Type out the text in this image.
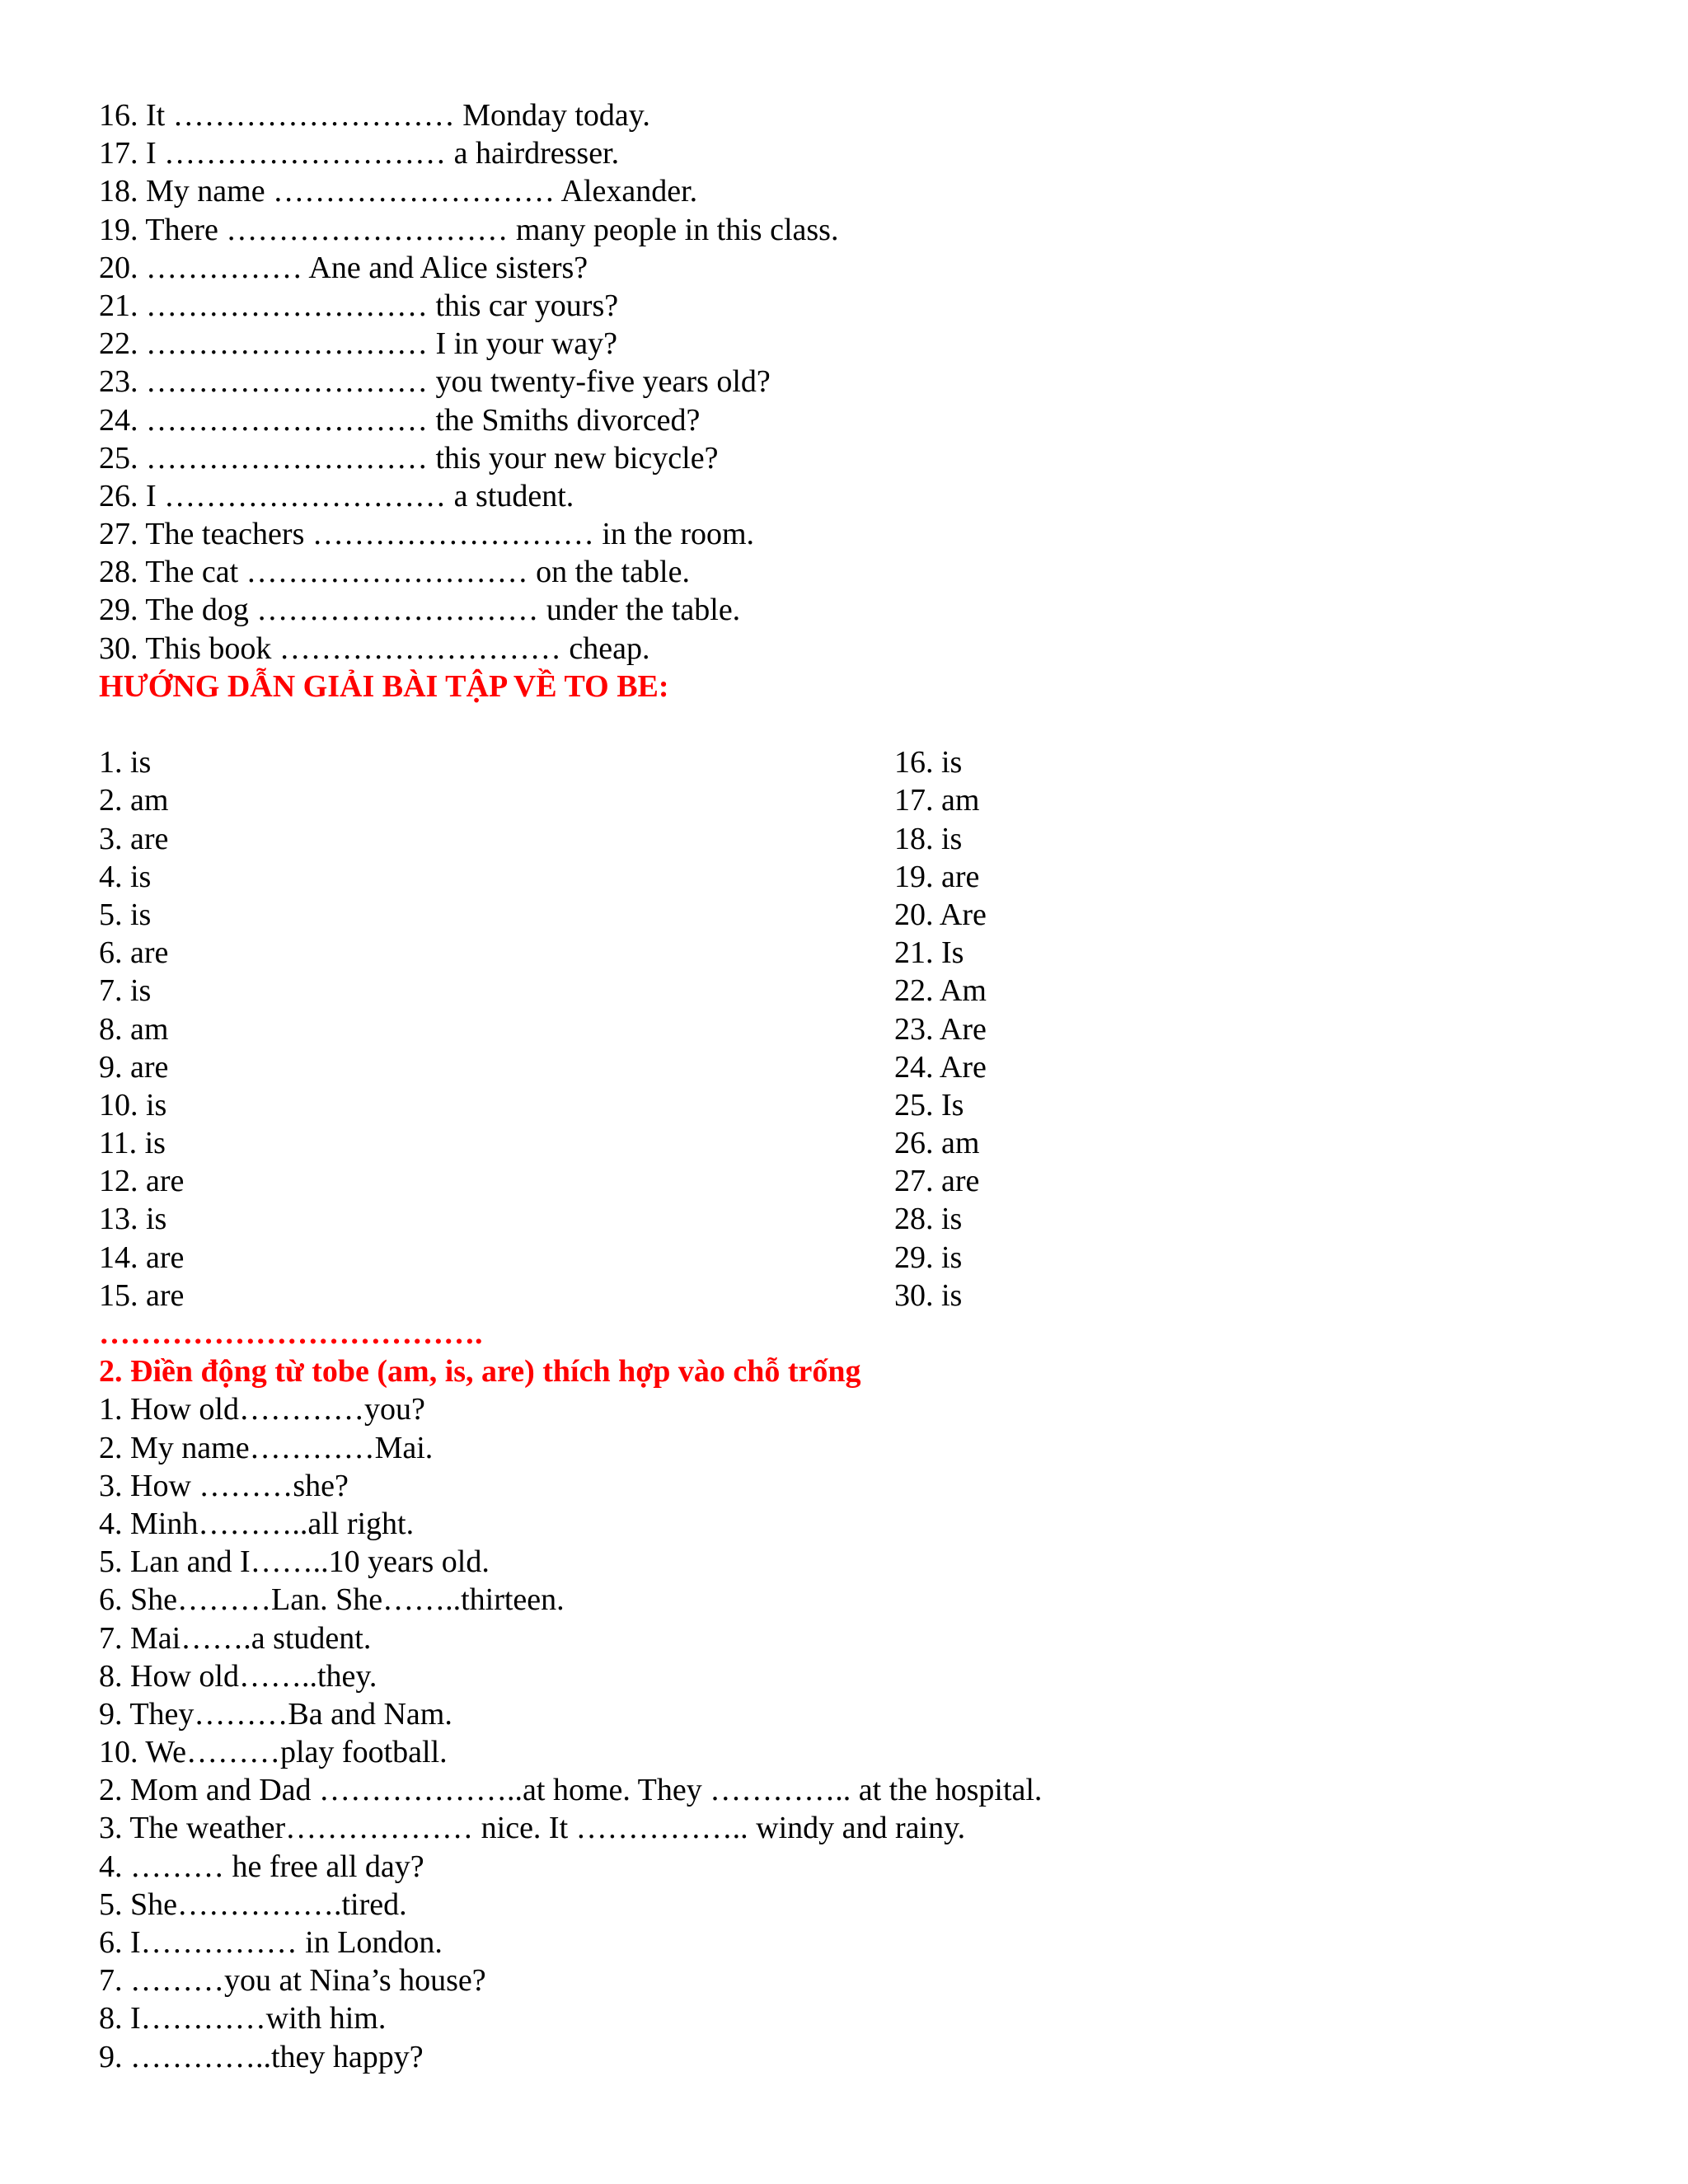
16. It ……………………… Monday today.
17. I ……………………… a hairdresser.
18. My name ……………………… Alexander.
19. There ……………………… many people in this class.
20. …………… Ane and Alice sisters?
21. ……………………… this car yours?
22. ……………………… I in your way?
23. ……………………… you twenty-five years old?
24. ……………………… the Smiths divorced?
25. ……………………… this your new bicycle?
26. I ……………………… a student.
27. The teachers ……………………… in the room.
28. The cat ……………………… on the table.
29. The dog ……………………… under the table.
30. This book ……………………… cheap.
HƯỚNG DẪN GIẢI BÀI TẬP VỀ TO BE:
1. is
2. am
3. are
4. is
5. is
6. are
7. is
8. am
9. are
10. is
11. is
12. are
13. is
14. are
15. are
16. is
17. am
18. is
19. are
20. Are
21. Is
22. Am
23. Are
24. Are
25. Is
26. am
27. are
28. is
29. is
30. is
……………………………….
2. Điền động từ tobe (am, is, are) thích hợp vào chỗ trống
1. How old…………you?
2. My name…………Mai.
3. How ………she?
4. Minh………..all right.
5. Lan and I……..10 years old.
6. She………Lan. She……..thirteen.
7. Mai…….a student.
8. How old……..they.
9. They………Ba and Nam.
10. We………play football.
2. Mom and Dad ………………..at home. They ………….. at the hospital.
3. The weather……………… nice. It …………….. windy and rainy.
4. ……… he free all day?
5. She…………….tired.
6. I…………… in London.
7. ………you at Nina’s house?
8. I…………with him.
9. …………..they happy?
